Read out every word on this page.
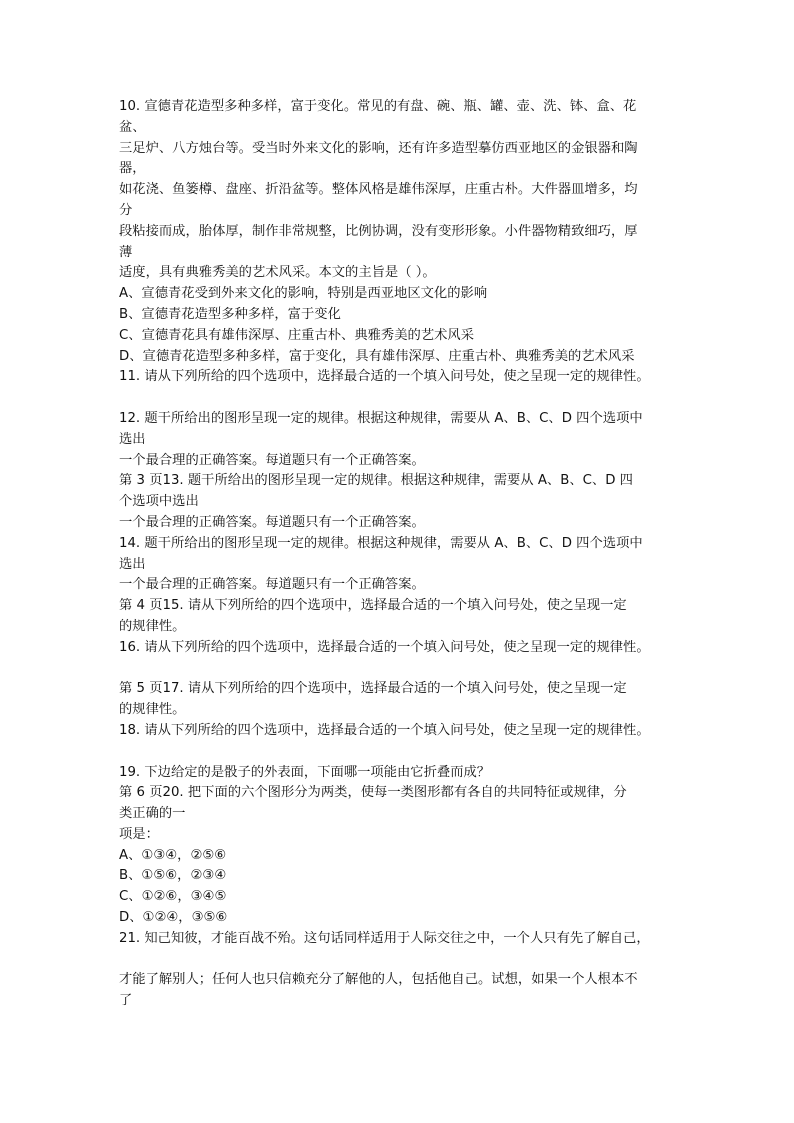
10. 宣德青花造型多种多样，富于变化。常见的有盘、碗、瓶、罐、壶、洗、钵、盒、花
盆、
三足炉、八方烛台等。受当时外来文化的影响，还有许多造型摹仿西亚地区的金银器和陶
器，
如花浇、鱼篓樽、盘座、折沿盆等。整体风格是雄伟深厚，庄重古朴。大件器皿增多，均
分
段粘接而成，胎体厚，制作非常规整，比例协调，没有变形形象。小件器物精致细巧，厚
薄
适度，具有典雅秀美的艺术风采。本文的主旨是（ ）。
A、宣德青花受到外来文化的影响，特别是西亚地区文化的影响
B、宣德青花造型多种多样，富于变化
C、宣德青花具有雄伟深厚、庄重古朴、典雅秀美的艺术风采
D、宣德青花造型多种多样，富于变化，具有雄伟深厚、庄重古朴、典雅秀美的艺术风采
11. 请从下列所给的四个选项中，选择最合适的一个填入问号处，使之呈现一定的规律性。
12. 题干所给出的图形呈现一定的规律。根据这种规律，需要从 A、B、C、D 四个选项中
选出
一个最合理的正确答案。每道题只有一个正确答案。
第 3 页13. 题干所给出的图形呈现一定的规律。根据这种规律，需要从 A、B、C、D 四
个选项中选出
一个最合理的正确答案。每道题只有一个正确答案。
14. 题干所给出的图形呈现一定的规律。根据这种规律，需要从 A、B、C、D 四个选项中
选出
一个最合理的正确答案。每道题只有一个正确答案。
第 4 页15. 请从下列所给的四个选项中，选择最合适的一个填入问号处，使之呈现一定
的规律性。
16. 请从下列所给的四个选项中，选择最合适的一个填入问号处，使之呈现一定的规律性。
第 5 页17. 请从下列所给的四个选项中，选择最合适的一个填入问号处，使之呈现一定
的规律性。
18. 请从下列所给的四个选项中，选择最合适的一个填入问号处，使之呈现一定的规律性。
19. 下边给定的是骰子的外表面，下面哪一项能由它折叠而成？
第 6 页20. 把下面的六个图形分为两类，使每一类图形都有各自的共同特征或规律，分
类正确的一
项是：
A、①③④，②⑤⑥
B、①⑤⑥，②③④
C、①②⑥，③④⑤
D、①②④，③⑤⑥
21. 知己知彼，才能百战不殆。这句话同样适用于人际交往之中，一个人只有先了解自己，
才能了解别人；任何人也只信赖充分了解他的人，包括他自己。试想，如果一个人根本不
了
